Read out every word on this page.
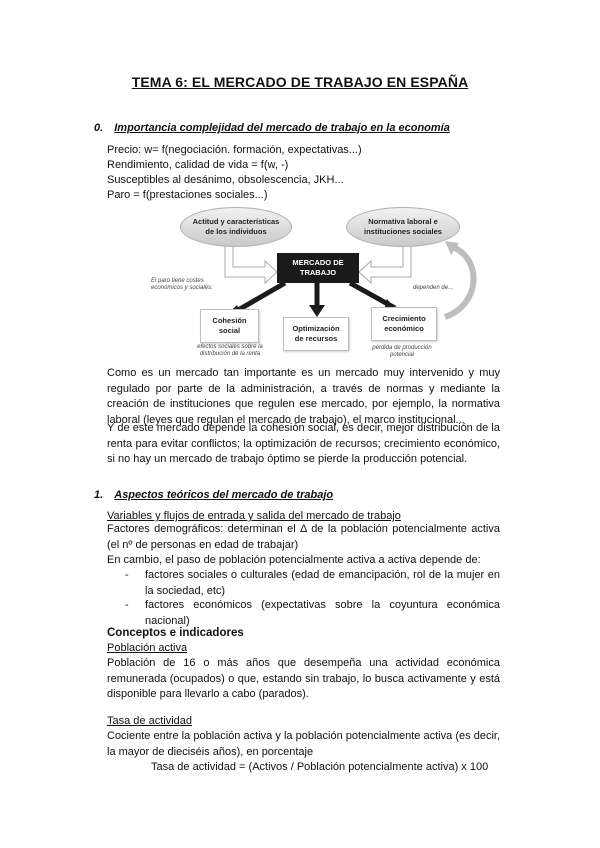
TEMA 6: EL MERCADO DE TRABAJO EN ESPAÑA
0. Importancia complejidad del mercado de trabajo en la economía
Precio: w= f(negociación. formación, expectativas...)
Rendimiento, calidad de vida = f(w, -)
Susceptibles al desánimo, obsolescencia, JKH...
Paro = f(prestaciones sociales...)
Actitud y características de los individuos
Normativa laboral e instituciones sociales
MERCADO DE TRABAJO
El paro tiene costes económicos y sociales:	dependen de...
Cohesión social	Optimización de recursos
Crecimiento económico
efectos sociales sobre la distribución de la renta
pérdida de producción potencial
Como es un mercado tan importante es un mercado muy intervenido y muy regulado por parte de la administración, a través de normas y mediante la creación de instituciones que regulen ese mercado, por ejemplo, la normativa laboral (leyes que regulan el mercado de trabajo), el marco institucional...
Y de este mercado depende la cohesión social, es decir, mejor distribución de la renta para evitar conflictos; la optimización de recursos; crecimiento económico, si no hay un mercado de trabajo óptimo se pierde la producción potencial.
1. Aspectos teóricos del mercado de trabajo
Variables y flujos de entrada y salida del mercado de trabajo
Factores demográficos: determinan el Δ de la población potencialmente activa (el nº de personas en edad de trabajar)
En cambio, el paso de población potencialmente activa a activa depende de:
- factores sociales o culturales (edad de emancipación, rol de la mujer en la sociedad, etc)
- factores económicos (expectativas sobre la coyuntura económica nacional)
Conceptos e indicadores
Población activa
Población de 16 o más años que desempeña una actividad económica remunerada (ocupados) o que, estando sin trabajo, lo busca activamente y está disponible para llevarlo a cabo (parados).
Tasa de actividad
Cociente entre la población activa y la población potencialmente activa (es decir, la mayor de dieciséis años), en porcentaje
Tasa de actividad = (Activos / Población potencialmente activa) x 100
